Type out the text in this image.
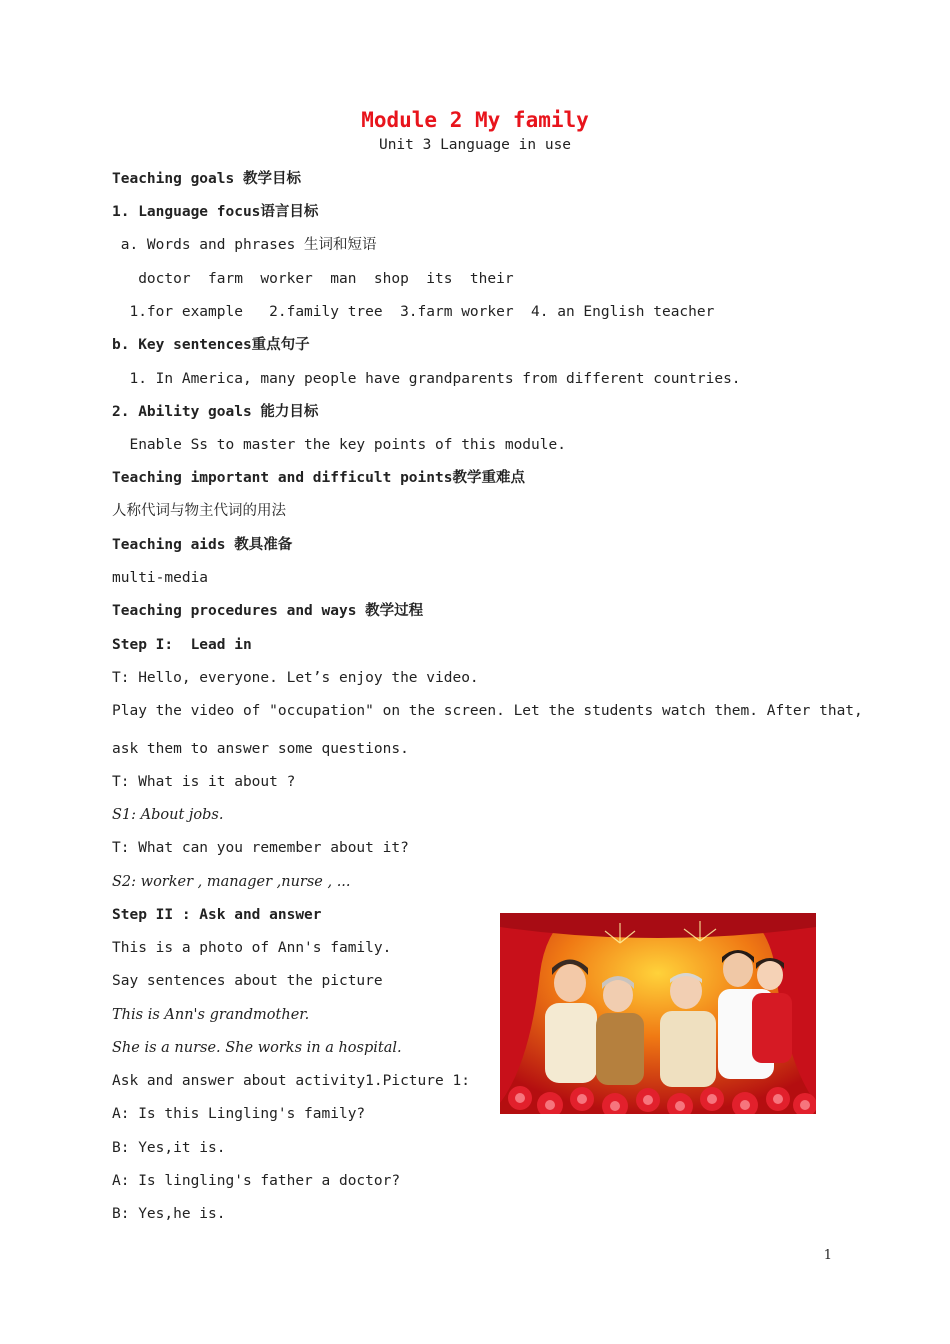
Module 2 My family
Unit 3 Language in use
Teaching goals 教学目标
1. Language focus语言目标
a. Words and phrases 生词和短语
doctor  farm  worker  man  shop  its  their
1.for example   2.family tree  3.farm worker  4. an English teacher
b. Key sentences重点句子
1. In America, many people have grandparents from different countries.
2. Ability goals 能力目标
Enable Ss to master the key points of this module.
Teaching important and difficult points教学重难点
人称代词与物主代词的用法
Teaching aids 教具准备
multi-media
Teaching procedures and ways 教学过程
Step I:  Lead in
T: Hello, everyone. Let’s enjoy the video.
Play the video of "occupation" on the screen. Let the students watch them. After that,
ask them to answer some questions.
T: What is it about ?
S1: About jobs.
T: What can you remember about it?
S2: worker , manager ,nurse , ...
Step II : Ask and answer
This is a photo of Ann's family.
Say sentences about the picture
This is Ann's grandmother.
She is a nurse. She works in a hospital.
Ask and answer about activity1.Picture 1:
A: Is this Lingling's family?
B: Yes,it is.
A: Is lingling's father a doctor?
B: Yes,he is.
1
